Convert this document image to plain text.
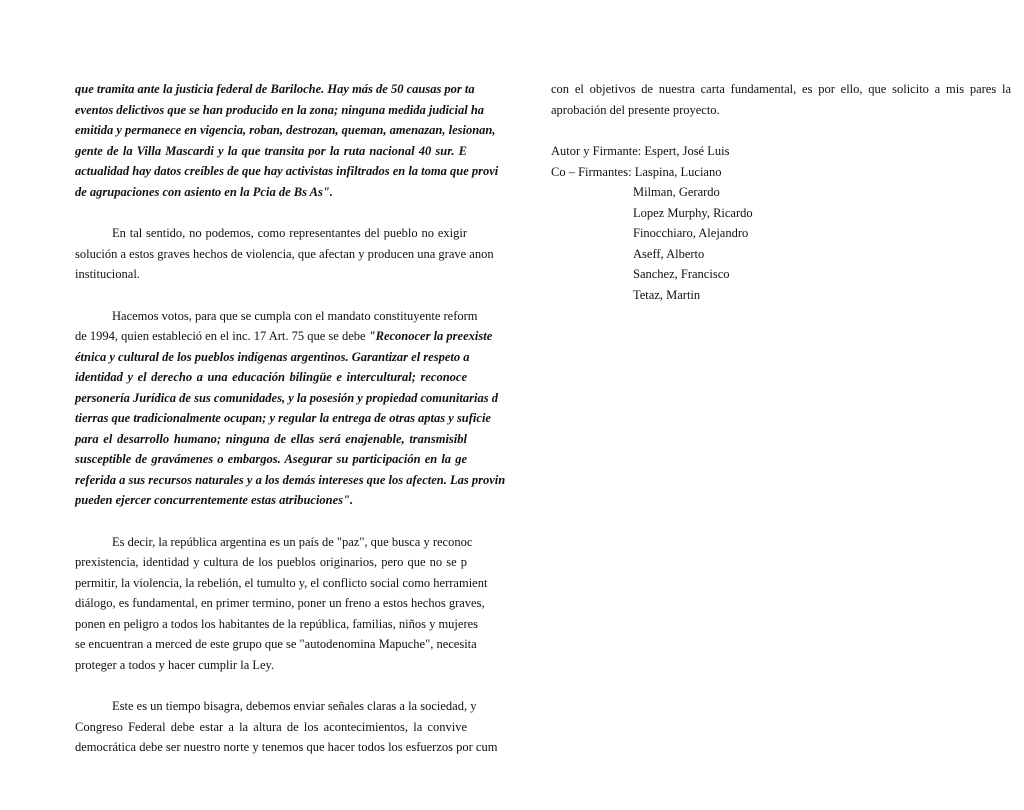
que tramita ante la justicia federal de Bariloche. Hay más de 50 causas por ta
eventos delictivos que se han producido en la zona; ninguna medida judicial ha
emitida y permanece en vigencia, roban, destrozan, queman, amenazan, lesionan,
gente de la Villa Mascardi y la que transita por la ruta nacional 40 sur. E
actualidad hay datos creíbles de que hay activistas infiltrados en la toma que provi
de agrupaciones con asiento en la Pcia de Bs As".
En tal sentido, no podemos, como representantes del pueblo no exigir
solución a estos graves hechos de violencia, que afectan y producen una grave anon
institucional.
Hacemos votos, para que se cumpla con el mandato constituyente reform
de 1994, quien estableció en el inc. 17 Art. 75 que se debe "Reconocer la preexiste
étnica y cultural de los pueblos indígenas argentinos. Garantizar el respeto a
identidad y el derecho a una educación bilingüe e intercultural; reconoce
personería Jurídica de sus comunidades, y la posesión y propiedad comunitarias d
tierras que tradicionalmente ocupan; y regular la entrega de otras aptas y suficie
para el desarrollo humano; ninguna de ellas será enajenable, transmisibl
susceptible de gravámenes o embargos. Asegurar su participación en la ge
referida a sus recursos naturales y a los demás intereses que los afecten. Las provin
pueden ejercer concurrentemente estas atribuciones".
Es decir, la república argentina es un país de "paz", que busca y reconoc
prexistencia, identidad y cultura de los pueblos originarios, pero que no se p
permitir, la violencia, la rebelión, el tumulto y, el conflicto social como herramient
diálogo, es fundamental, en primer termino, poner un freno a estos hechos graves,
ponen en peligro a todos los habitantes de la república, familias, niños y mujeres
se encuentran a merced de este grupo que se "autodenomina Mapuche", necesita
proteger a todos y hacer cumplir la Ley.
Este es un tiempo bisagra, debemos enviar señales claras a la sociedad, y
Congreso Federal debe estar a la altura de los acontecimientos, la convive
democrática debe ser nuestro norte y tenemos que hacer todos los esfuerzos por cum
con el objetivos de nuestra carta fundamental, es por ello, que solicito a mis pares la
aprobación del presente proyecto.
Autor y Firmante: Espert, José Luis
Co – Firmantes: Laspina, Luciano
Milman, Gerardo
Lopez Murphy, Ricardo
Finocchiaro, Alejandro
Aseff, Alberto
Sanchez, Francisco
Tetaz, Martin
